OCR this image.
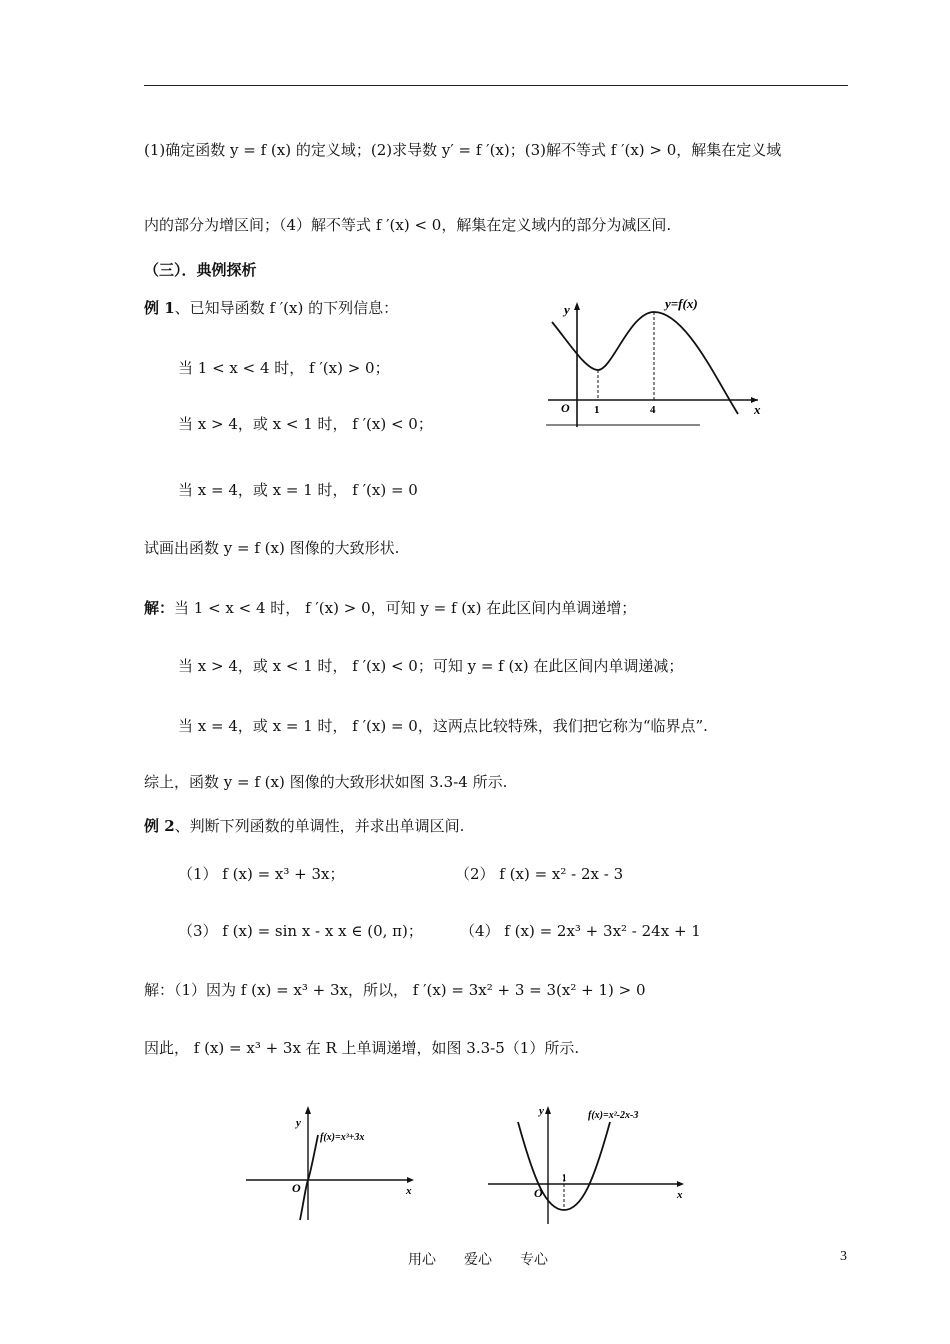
(1)确定函数 y = f (x) 的定义域；(2)求导数 y′ = f ′(x)；(3)解不等式 f ′(x) > 0，解集在定义域
内的部分为增区间；（4）解不等式 f ′(x) < 0，解集在定义域内的部分为减区间.
（三）．典例探析
例 1、已知导函数 f ′(x) 的下列信息：
当 1 < x < 4 时， f ′(x) > 0；
当 x > 4，或 x < 1 时， f ′(x) < 0；
当 x = 4，或 x = 1 时， f ′(x) = 0
试画出函数 y = f (x) 图像的大致形状.
y
x
O 1	4
y=f(x)
解：当 1 < x < 4 时， f ′(x) > 0，可知 y = f (x) 在此区间内单调递增；
当 x > 4，或 x < 1 时， f ′(x) < 0；可知 y = f (x) 在此区间内单调递减；
当 x = 4，或 x = 1 时， f ′(x) = 0，这两点比较特殊，我们把它称为“临界点”.
综上，函数 y = f (x) 图像的大致形状如图 3.3-4 所示.
例 2、判断下列函数的单调性，并求出单调区间.
（1） f (x) = x³ + 3x；	（2） f (x) = x² - 2x - 3
（3） f (x) = sin x - x x ∈ (0, π)； （4） f (x) = 2x³ + 3x² - 24x + 1
解：（1）因为 f (x) = x³ + 3x，所以， f ′(x) = 3x² + 3 = 3(x² + 1) > 0
因此， f (x) = x³ + 3x 在 R 上单调递增，如图 3.3-5（1）所示.
y
x
O
f(x)=x³+3x
y
x
O
1
f(x)=x²-2x-3
用心　　爱心　　专心	3
